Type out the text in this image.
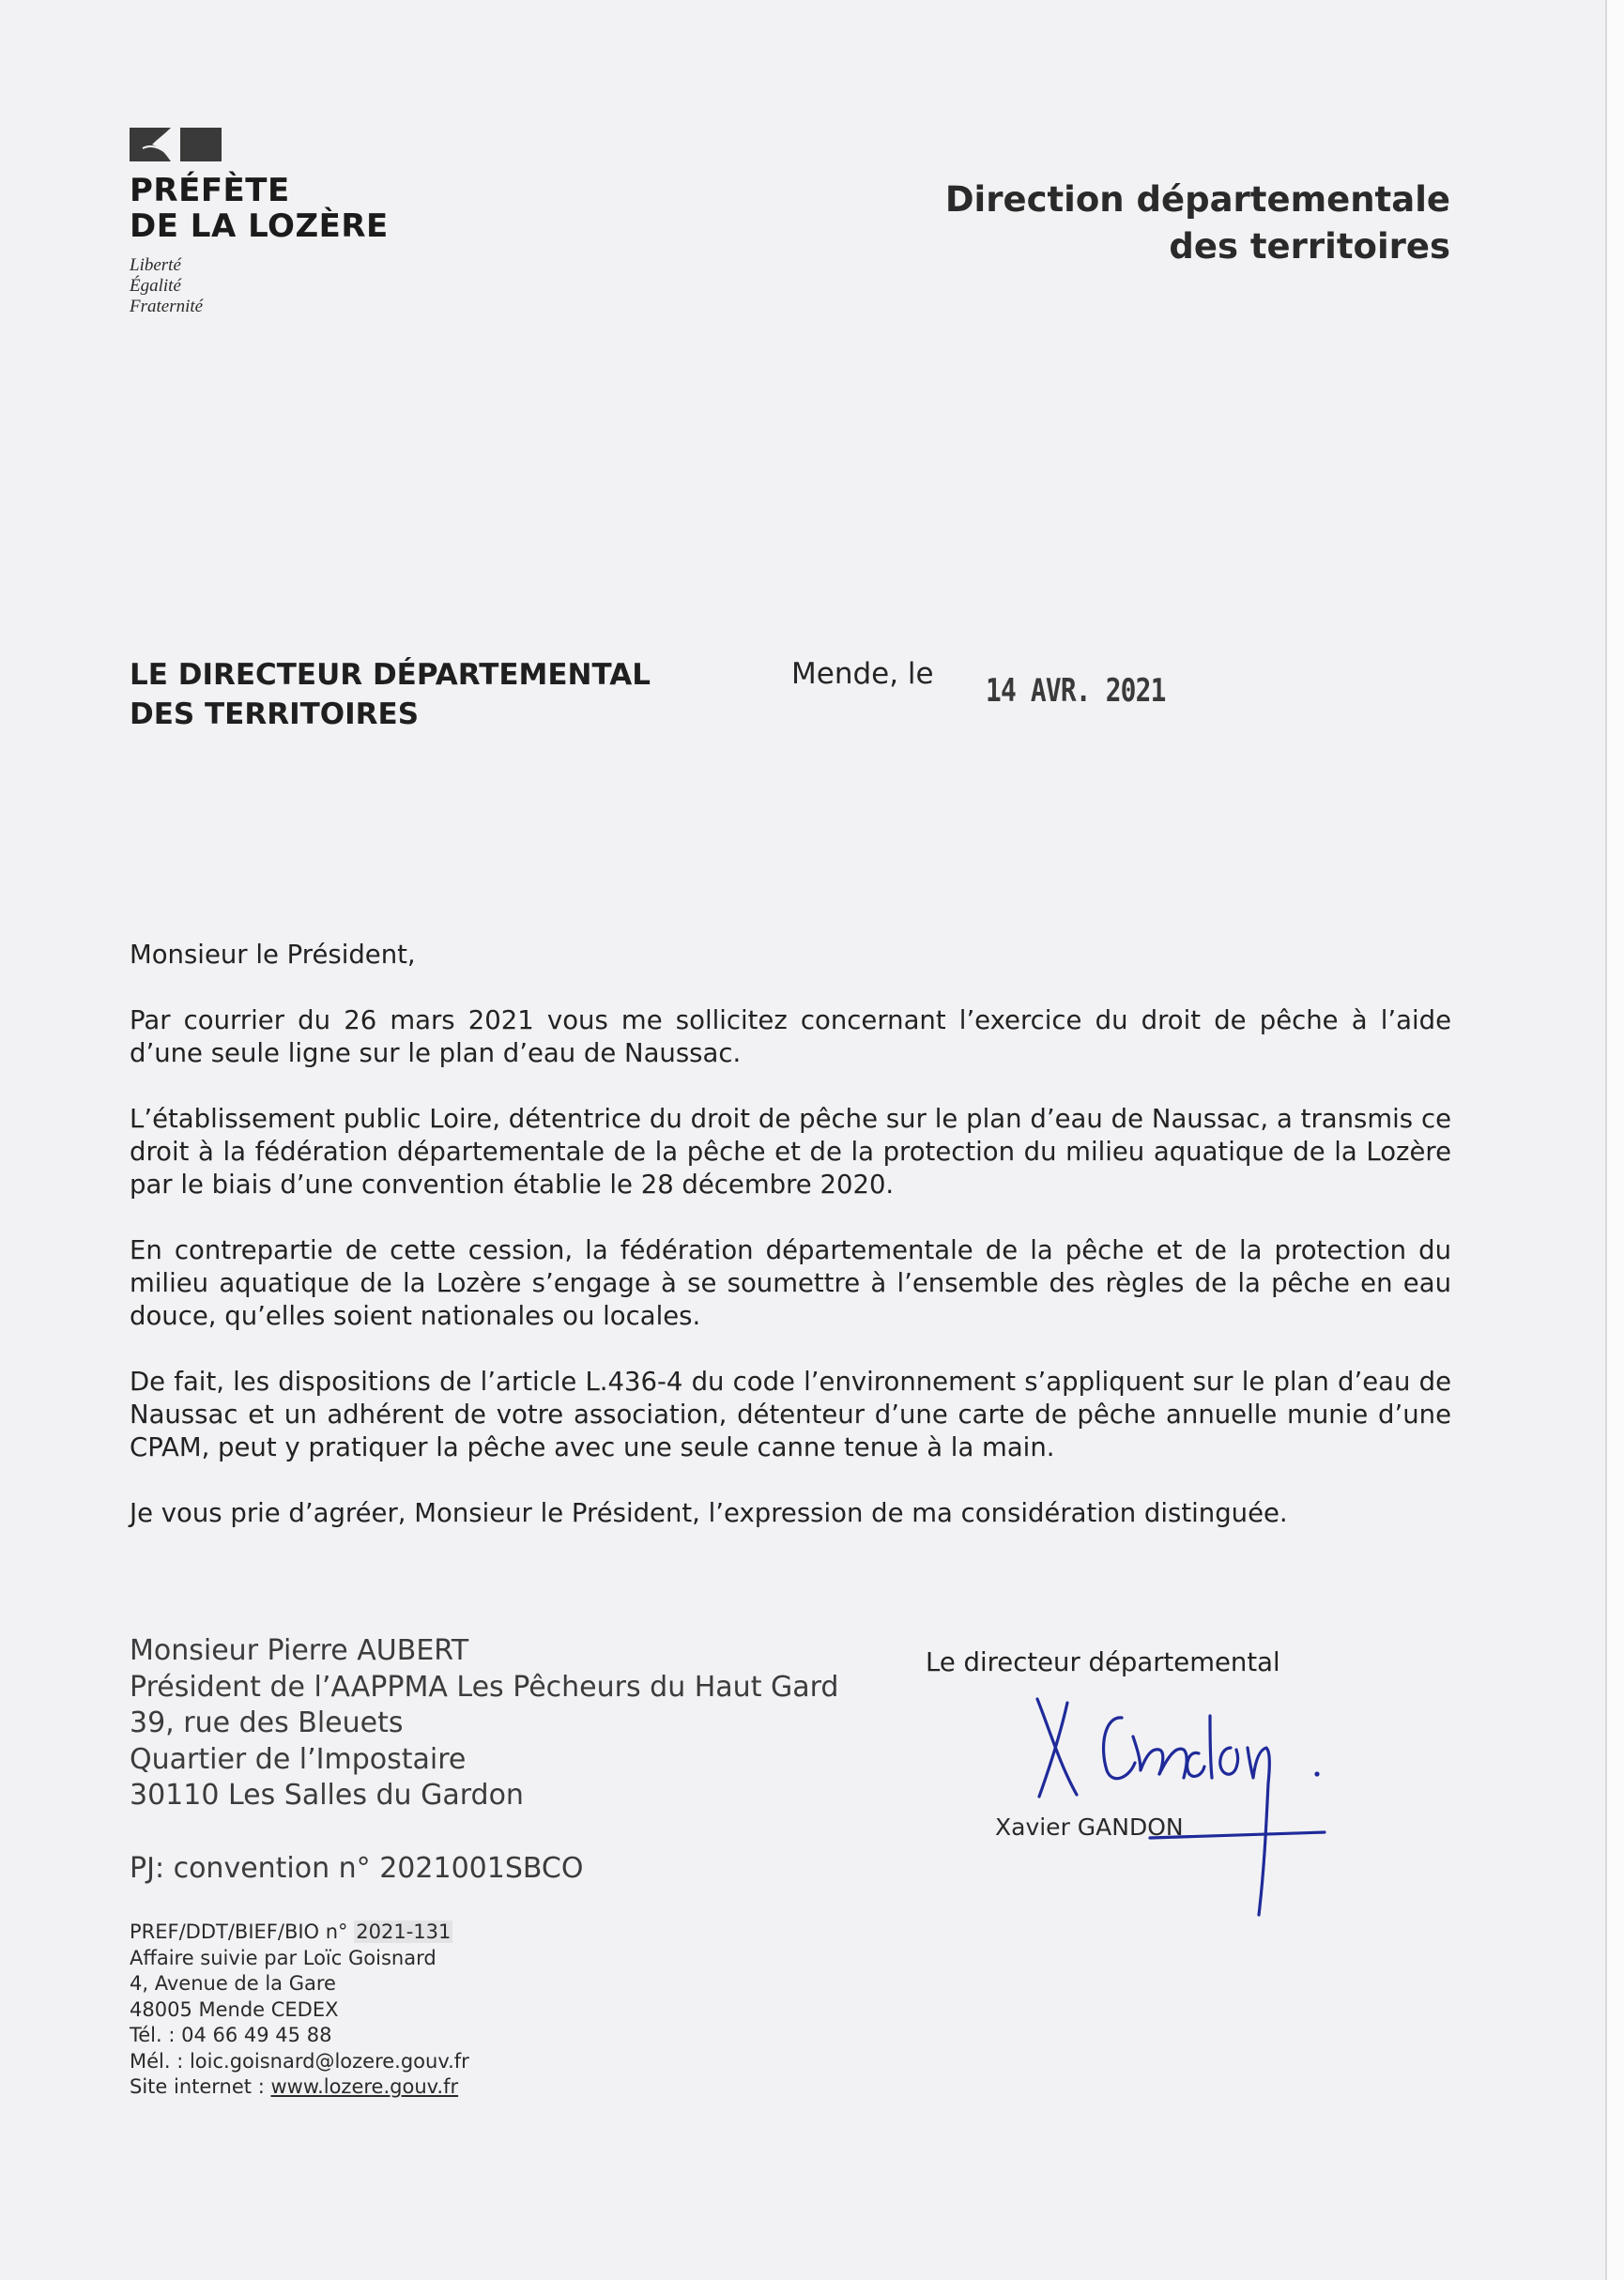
PRÉFÈTE
DE LA LOZÈRE
Liberté
Égalité
Fraternité
Direction départementale
des territoires
LE DIRECTEUR DÉPARTEMENTAL
DES TERRITOIRES
Mende, le 14 AVR. 2021
Monsieur le Président,

Par courrier du 26 mars 2021 vous me sollicitez concernant l’exercice du droit de pêche à l’aide d’une seule ligne sur le plan d’eau de Naussac.

L’établissement public Loire, détentrice du droit de pêche sur le plan d’eau de Naussac, a transmis ce droit à la fédération départementale de la pêche et de la protection du milieu aquatique de la Lozère par le biais d’une convention établie le 28 décembre 2020.

En contrepartie de cette cession, la fédération départementale de la pêche et de la protection du milieu aquatique de la Lozère s’engage à se soumettre à l’ensemble des règles de la pêche en eau douce, qu’elles soient nationales ou locales.

De fait, les dispositions de l’article L.436-4 du code l’environnement s’appliquent sur le plan d’eau de Naussac et un adhérent de votre association, détenteur d’une carte de pêche annuelle munie d’une CPAM, peut y pratiquer la pêche avec une seule canne tenue à la main.

Je vous prie d’agréer, Monsieur le Président, l’expression de ma considération distinguée.

Monsieur Pierre AUBERT
Président de l’AAPPMA Les Pêcheurs du Haut Gard
39, rue des Bleuets
Quartier de l’Impostaire
30110 Les Salles du Gardon
PJ: convention n° 2021001SBCO
Le directeur départemental
Xavier GANDON
PREF/DDT/BIEF/BIO n° 2021-131
Affaire suivie par Loïc Goisnard
4, Avenue de la Gare
48005 Mende CEDEX
Tél. : 04 66 49 45 88
Mél. : loic.goisnard@lozere.gouv.fr
Site internet : www.lozere.gouv.fr
